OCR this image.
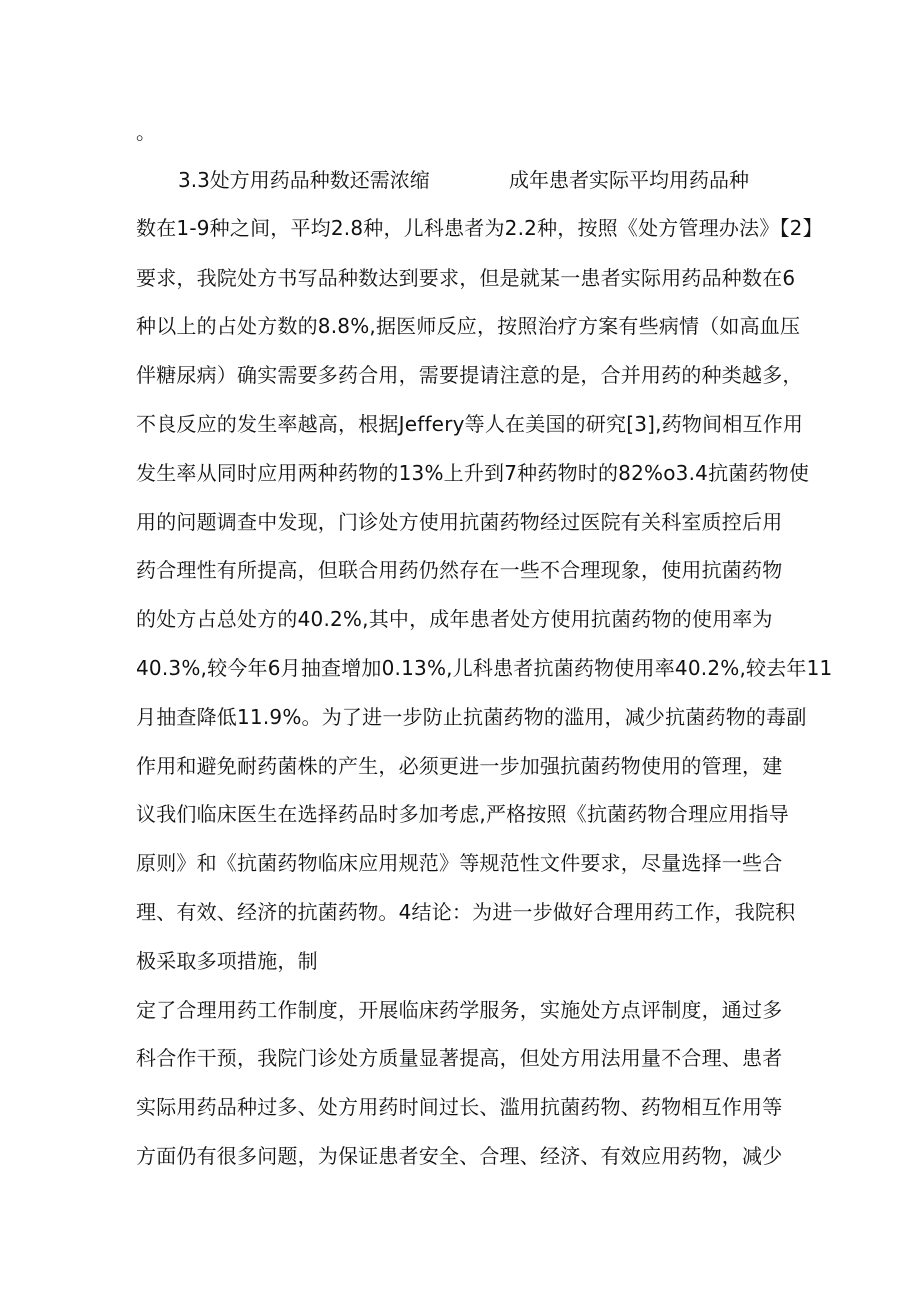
。
3.3处方用药品种数还需浓缩	成年患者实际平均用药品种
数在1-9种之间，平均2.8种，儿科患者为2.2种，按照《处方管理办法》【2】
要求，我院处方书写品种数达到要求，但是就某一患者实际用药品种数在6
种以上的占处方数的8.8%,据医师反应，按照治疗方案有些病情（如高血压
伴糖尿病）确实需要多药合用，需要提请注意的是，合并用药的种类越多，
不良反应的发生率越高，根据Jeffery等人在美国的研究[3],药物间相互作用
发生率从同时应用两种药物的13%上升到7种药物时的82%o3.4抗菌药物使
用的问题调查中发现，门诊处方使用抗菌药物经过医院有关科室质控后用
药合理性有所提高，但联合用药仍然存在一些不合理现象，使用抗菌药物
的处方占总处方的40.2%,其中，成年患者处方使用抗菌药物的使用率为
40.3%,较今年6月抽查增加0.13%,儿科患者抗菌药物使用率40.2%,较去年11
月抽查降低11.9%。为了进一步防止抗菌药物的滥用，减少抗菌药物的毒副
作用和避免耐药菌株的产生，必须更进一步加强抗菌药物使用的管理，建
议我们临床医生在选择药品时多加考虑,严格按照《抗菌药物合理应用指导
原则》和《抗菌药物临床应用规范》等规范性文件要求，尽量选择一些合
理、有效、经济的抗菌药物。4结论：为进一步做好合理用药工作，我院积
极采取多项措施，制
定了合理用药工作制度，开展临床药学服务，实施处方点评制度，通过多
科合作干预，我院门诊处方质量显著提高，但处方用法用量不合理、患者
实际用药品种过多、处方用药时间过长、滥用抗菌药物、药物相互作用等
方面仍有很多问题，为保证患者安全、合理、经济、有效应用药物，减少
